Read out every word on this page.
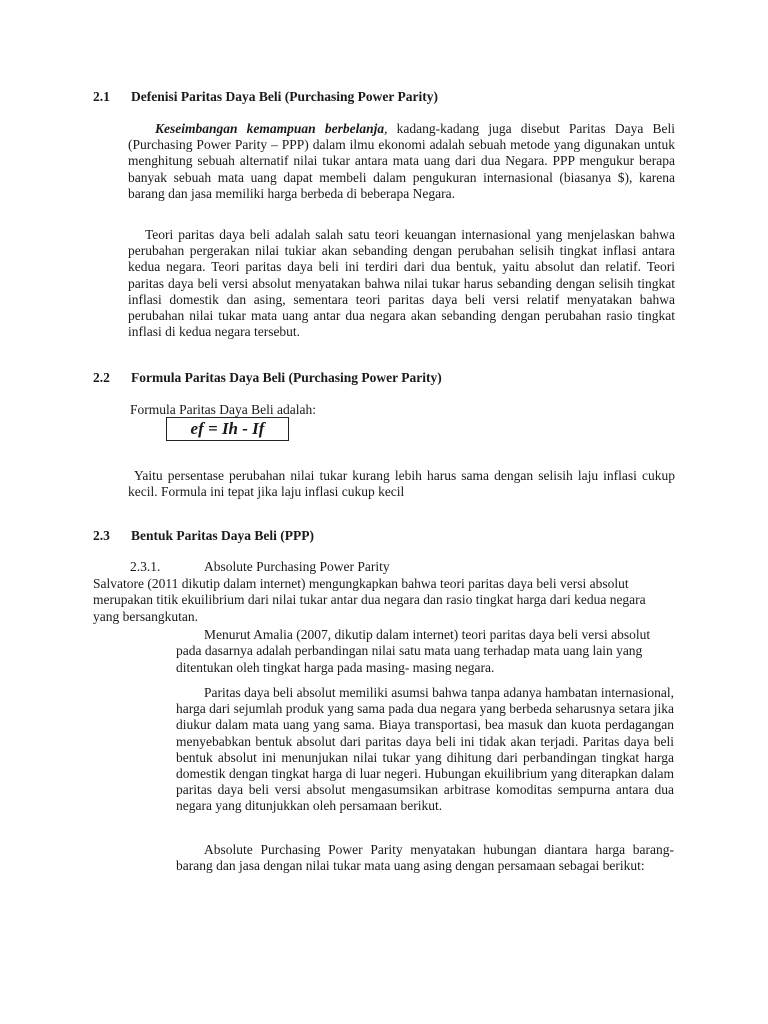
2.1 Defenisi Paritas Daya Beli (Purchasing Power Parity)

Keseimbangan kemampuan berbelanja, kadang-kadang juga disebut Paritas Daya Beli (Purchasing Power Parity – PPP) dalam ilmu ekonomi adalah sebuah metode yang digunakan untuk menghitung sebuah alternatif nilai tukar antara mata uang dari dua Negara. PPP mengukur berapa banyak sebuah mata uang dapat membeli dalam pengukuran internasional (biasanya $), karena barang dan jasa memiliki harga berbeda di beberapa Negara.

Teori paritas daya beli adalah salah satu teori keuangan internasional yang menjelaskan bahwa perubahan pergerakan nilai tukiar akan sebanding dengan perubahan selisih tingkat inflasi antara kedua negara. Teori paritas daya beli ini terdiri dari dua bentuk, yaitu absolut dan relatif. Teori paritas daya beli versi absolut menyatakan bahwa nilai tukar harus sebanding dengan selisih tingkat inflasi domestik dan asing, sementara teori paritas daya beli versi relatif menyatakan bahwa perubahan nilai tukar mata uang antar dua negara akan sebanding dengan perubahan rasio tingkat inflasi di kedua negara tersebut.

2.2 Formula Paritas Daya Beli (Purchasing Power Parity)

Formula Paritas Daya Beli adalah:

ef = Ih - If

Yaitu persentase perubahan nilai tukar kurang lebih harus sama dengan selisih laju inflasi cukup kecil. Formula ini tepat jika laju inflasi cukup kecil

2.3 Bentuk Paritas Daya Beli (PPP)

2.3.1.	Absolute Purchasing Power Parity

Salvatore (2011 dikutip dalam internet) mengungkapkan bahwa teori paritas daya beli versi absolut merupakan titik ekuilibrium dari nilai tukar antar dua negara dan rasio tingkat harga dari kedua negara yang bersangkutan.

Menurut Amalia (2007, dikutip dalam internet) teori paritas daya beli versi absolut pada dasarnya adalah perbandingan nilai satu mata uang terhadap mata uang lain yang ditentukan oleh tingkat harga pada masing- masing negara.

Paritas daya beli absolut memiliki asumsi bahwa tanpa adanya hambatan internasional, harga dari sejumlah produk yang sama pada dua negara yang berbeda seharusnya setara jika diukur dalam mata uang yang sama. Biaya transportasi, bea masuk dan kuota perdagangan menyebabkan bentuk absolut dari paritas daya beli ini tidak akan terjadi. Paritas daya beli bentuk absolut ini menunjukan nilai tukar yang dihitung dari perbandingan tingkat harga domestik dengan tingkat harga di luar negeri. Hubungan ekuilibrium yang diterapkan dalam paritas daya beli versi absolut mengasumsikan arbitrase komoditas sempurna antara dua negara yang ditunjukkan oleh persamaan berikut.

Absolute Purchasing Power Parity menyatakan hubungan diantara harga barang-barang dan jasa dengan nilai tukar mata uang asing dengan persamaan sebagai berikut:
